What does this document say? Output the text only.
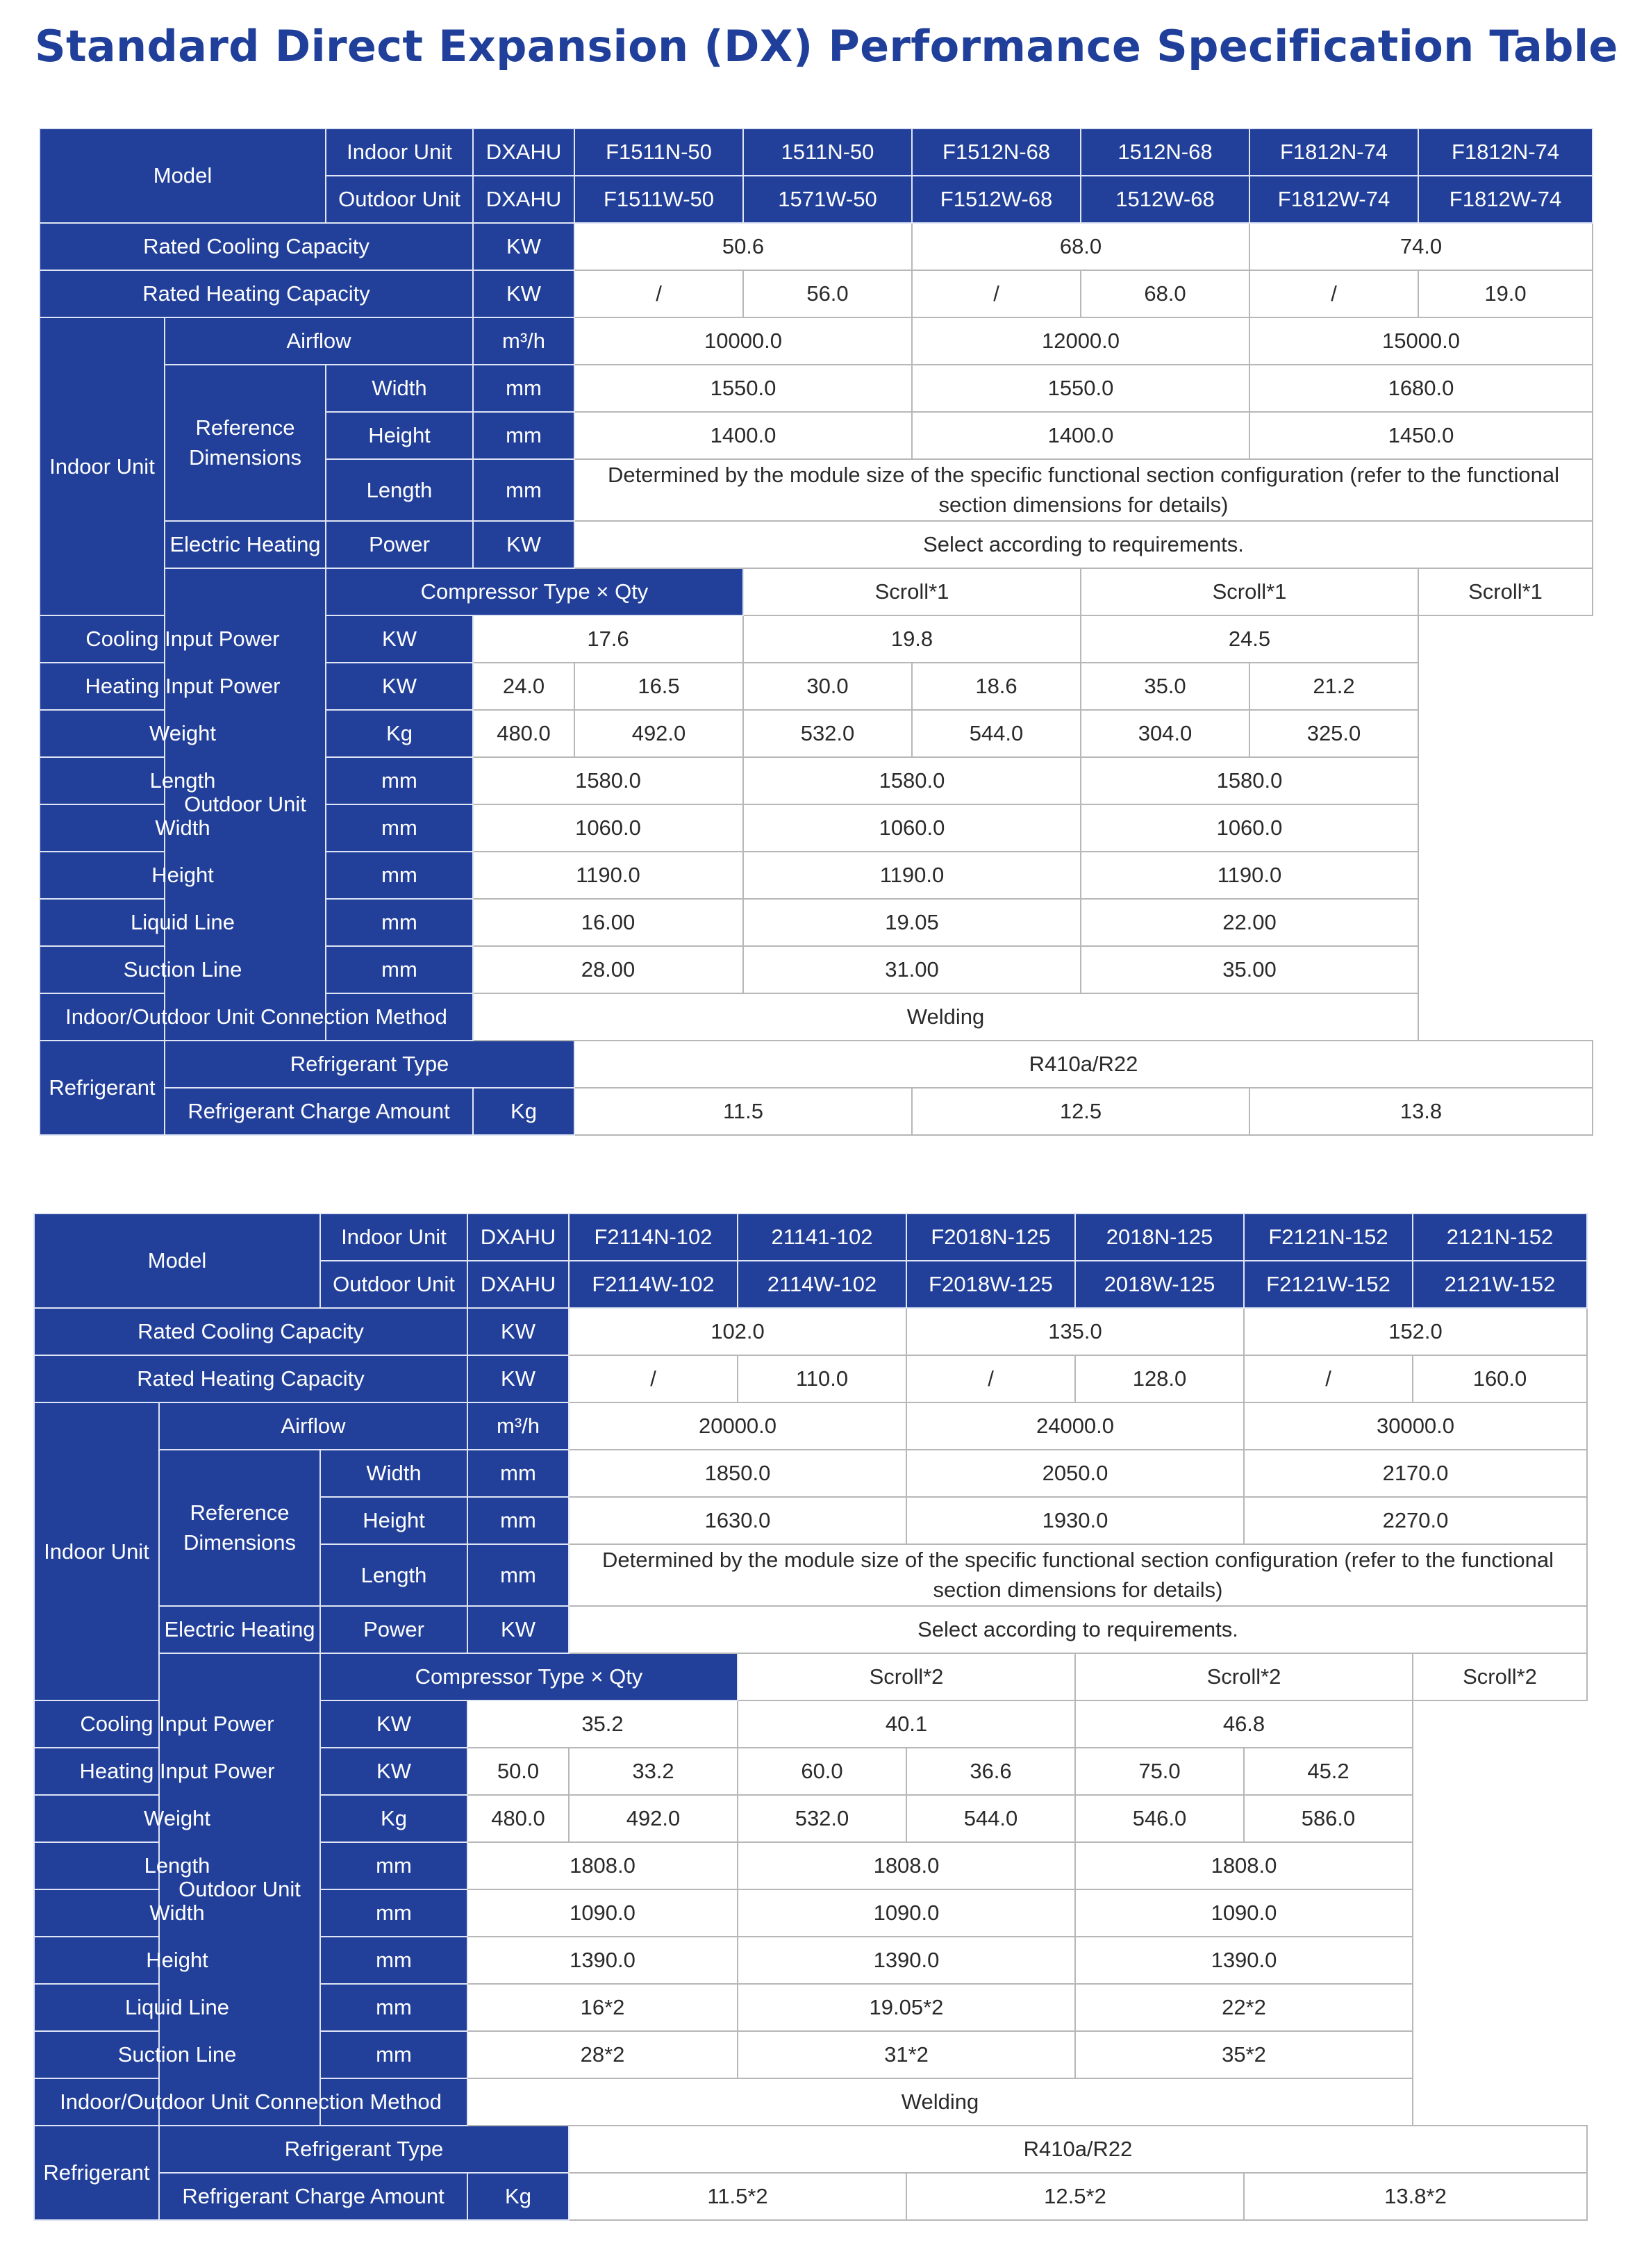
Standard Direct Expansion (DX) Performance Specification Table
Model		Indoor Unit	DXAHU	F1511N-50	1511N-50	F1512N-68	1512N-68	F1812N-74	F1812N-74
		Outdoor Unit	DXAHU	F1511W-50	1571W-50	F1512W-68	1512W-68	F1812W-74	F1812W-74
Rated Cooling Capacity			KW	50.6		68.0		74.0	
Rated Heating Capacity			KW	/	56.0	/	68.0	/	19.0
Indoor Unit	Airflow		m³/h	10000.0		12000.0		15000.0	
	Reference Dimensions	Width	mm	1550.0		1550.0		1680.0	
		Height	mm	1400.0		1400.0		1450.0	
		Length	mm	Determined by the module size of the specific functional section configuration (refer to the functional section dimensions for details)					
	Electric Heating	Power	KW	Select according to requirements.					
	Outdoor Unit	Compressor Type × Qty			Scroll*1		Scroll*1		Scroll*1
Cooling Input Power		KW	17.6		19.8		24.5		
Heating Input Power		KW	24.0	16.5	30.0	18.6	35.0	21.2	
Weight		Kg	480.0	492.0	532.0	544.0	304.0	325.0	
Length		mm	1580.0		1580.0		1580.0		
Width		mm	1060.0		1060.0		1060.0		
Height		mm	1190.0		1190.0		1190.0		
Liquid Line		mm	16.00		19.05		22.00		
Suction Line		mm	28.00		31.00		35.00		
Indoor/Outdoor Unit Connection Method			Welding						
Refrigerant	Refrigerant Type			R410a/R22					
	Refrigerant Charge Amount		Kg	11.5		12.5		13.8	
Model		Indoor Unit	DXAHU	F2114N-102	21141-102	F2018N-125	2018N-125	F2121N-152	2121N-152
		Outdoor Unit	DXAHU	F2114W-102	2114W-102	F2018W-125	2018W-125	F2121W-152	2121W-152
Rated Cooling Capacity			KW	102.0		135.0		152.0	
Rated Heating Capacity			KW	/	110.0	/	128.0	/	160.0
Indoor Unit	Airflow		m³/h	20000.0		24000.0		30000.0	
	Reference Dimensions	Width	mm	1850.0		2050.0		2170.0	
		Height	mm	1630.0		1930.0		2270.0	
		Length	mm	Determined by the module size of the specific functional section configuration (refer to the functional section dimensions for details)					
	Electric Heating	Power	KW	Select according to requirements.					
	Outdoor Unit	Compressor Type × Qty			Scroll*2		Scroll*2		Scroll*2
Cooling Input Power		KW	35.2		40.1		46.8		
Heating Input Power		KW	50.0	33.2	60.0	36.6	75.0	45.2	
Weight		Kg	480.0	492.0	532.0	544.0	546.0	586.0	
Length		mm	1808.0		1808.0		1808.0		
Width		mm	1090.0		1090.0		1090.0		
Height		mm	1390.0		1390.0		1390.0		
Liquid Line		mm	16*2		19.05*2		22*2		
Suction Line		mm	28*2		31*2		35*2		
Indoor/Outdoor Unit Connection Method			Welding						
Refrigerant	Refrigerant Type			R410a/R22					
	Refrigerant Charge Amount		Kg	11.5*2		12.5*2		13.8*2	
